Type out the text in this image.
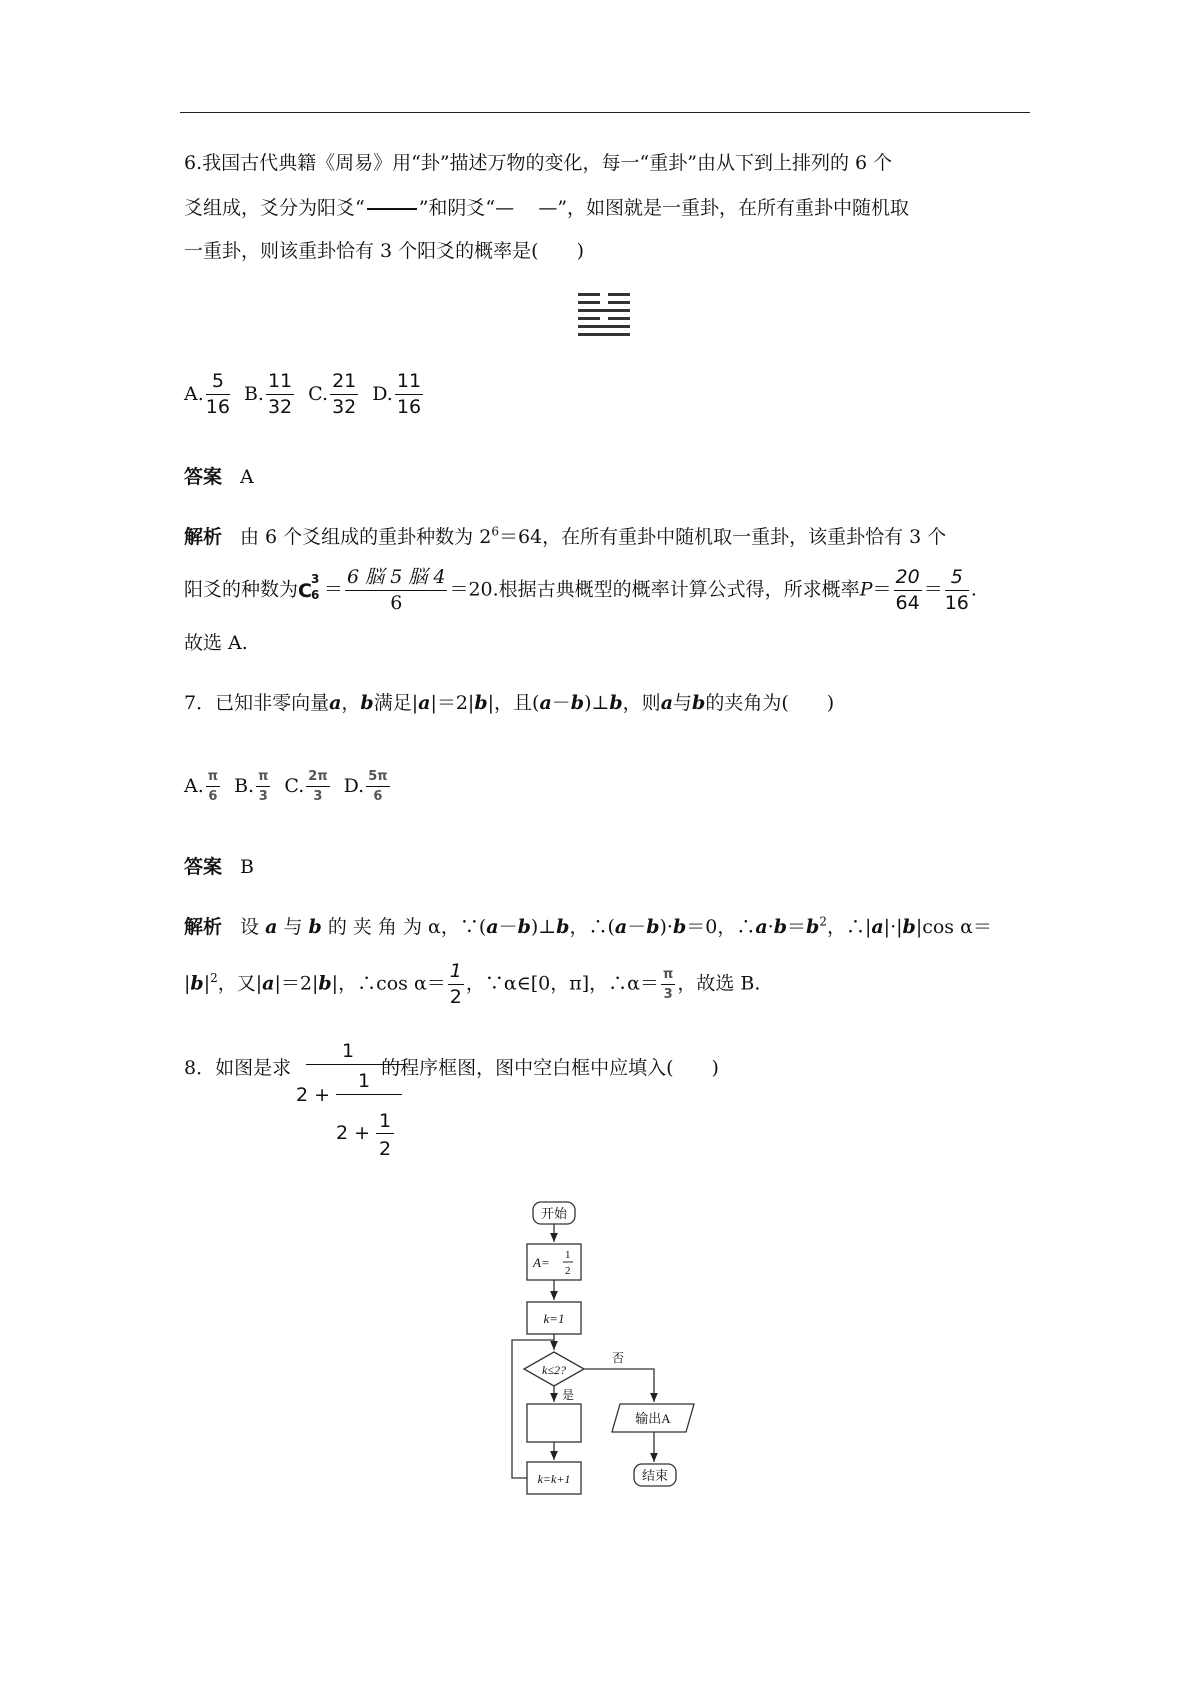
6.我国古代典籍《周易》用“卦”描述万物的变化，每一“重卦”由从下到上排列的 6 个
爻组成，爻分为阳爻“	”和阴爻“— —”，如图就是一重卦，在所有重卦中随机取
一重卦，则该重卦恰有 3 个阳爻的概率是(　　)
A. $\frac{5}{16} B$. $\frac{11}{32} C$. $\frac{21}{32} D$. $\frac{11}{16}$
答案 A
解析 由 6 个爻组成的重卦种数为 $2^6=64$，在所有重卦中随机取一重卦，该重卦恰有 3 个
阳爻的种数为C
3
$6 = \frac{\text{6 脳 5 脳 4}}{6} =20$.根据古典概型的概率计算公式得，所求概率$P= \frac{20}{64} = \frac{5}{16}$ .
故选 A.
7．已知非零向量a，b满足|a|＝2|b|，且(a－b)⊥b，则a与b的夹角为(　　)
A. $\frac{\pi}{6} B$. $\frac{\pi}{3} C$. $\frac{2\pi}{3} D$. $\frac{5\pi}{6}$
答案 B
解析 设 a 与 b 的 夹 角 为 α，∵(a－b)⊥b，∴(a－b)·b＝0，$\therefore a\cdot b=b^2$，∴|a|·|b|cos α＝
$|b|^2$，又|a|＝2|b|，∴cos $\alpha= \frac{1}{2}$ ，∵α∈[0，π]，∴α＝ $\frac{\pi}{3}$ ，故选 B.
8．如图是求	的程序框图，图中空白框中应填入(　　)
1
2 +
1
2 +
1
2
开始
A= 1
2
k=1
k≤2?
是
否
输出A
结束
k=k+1
